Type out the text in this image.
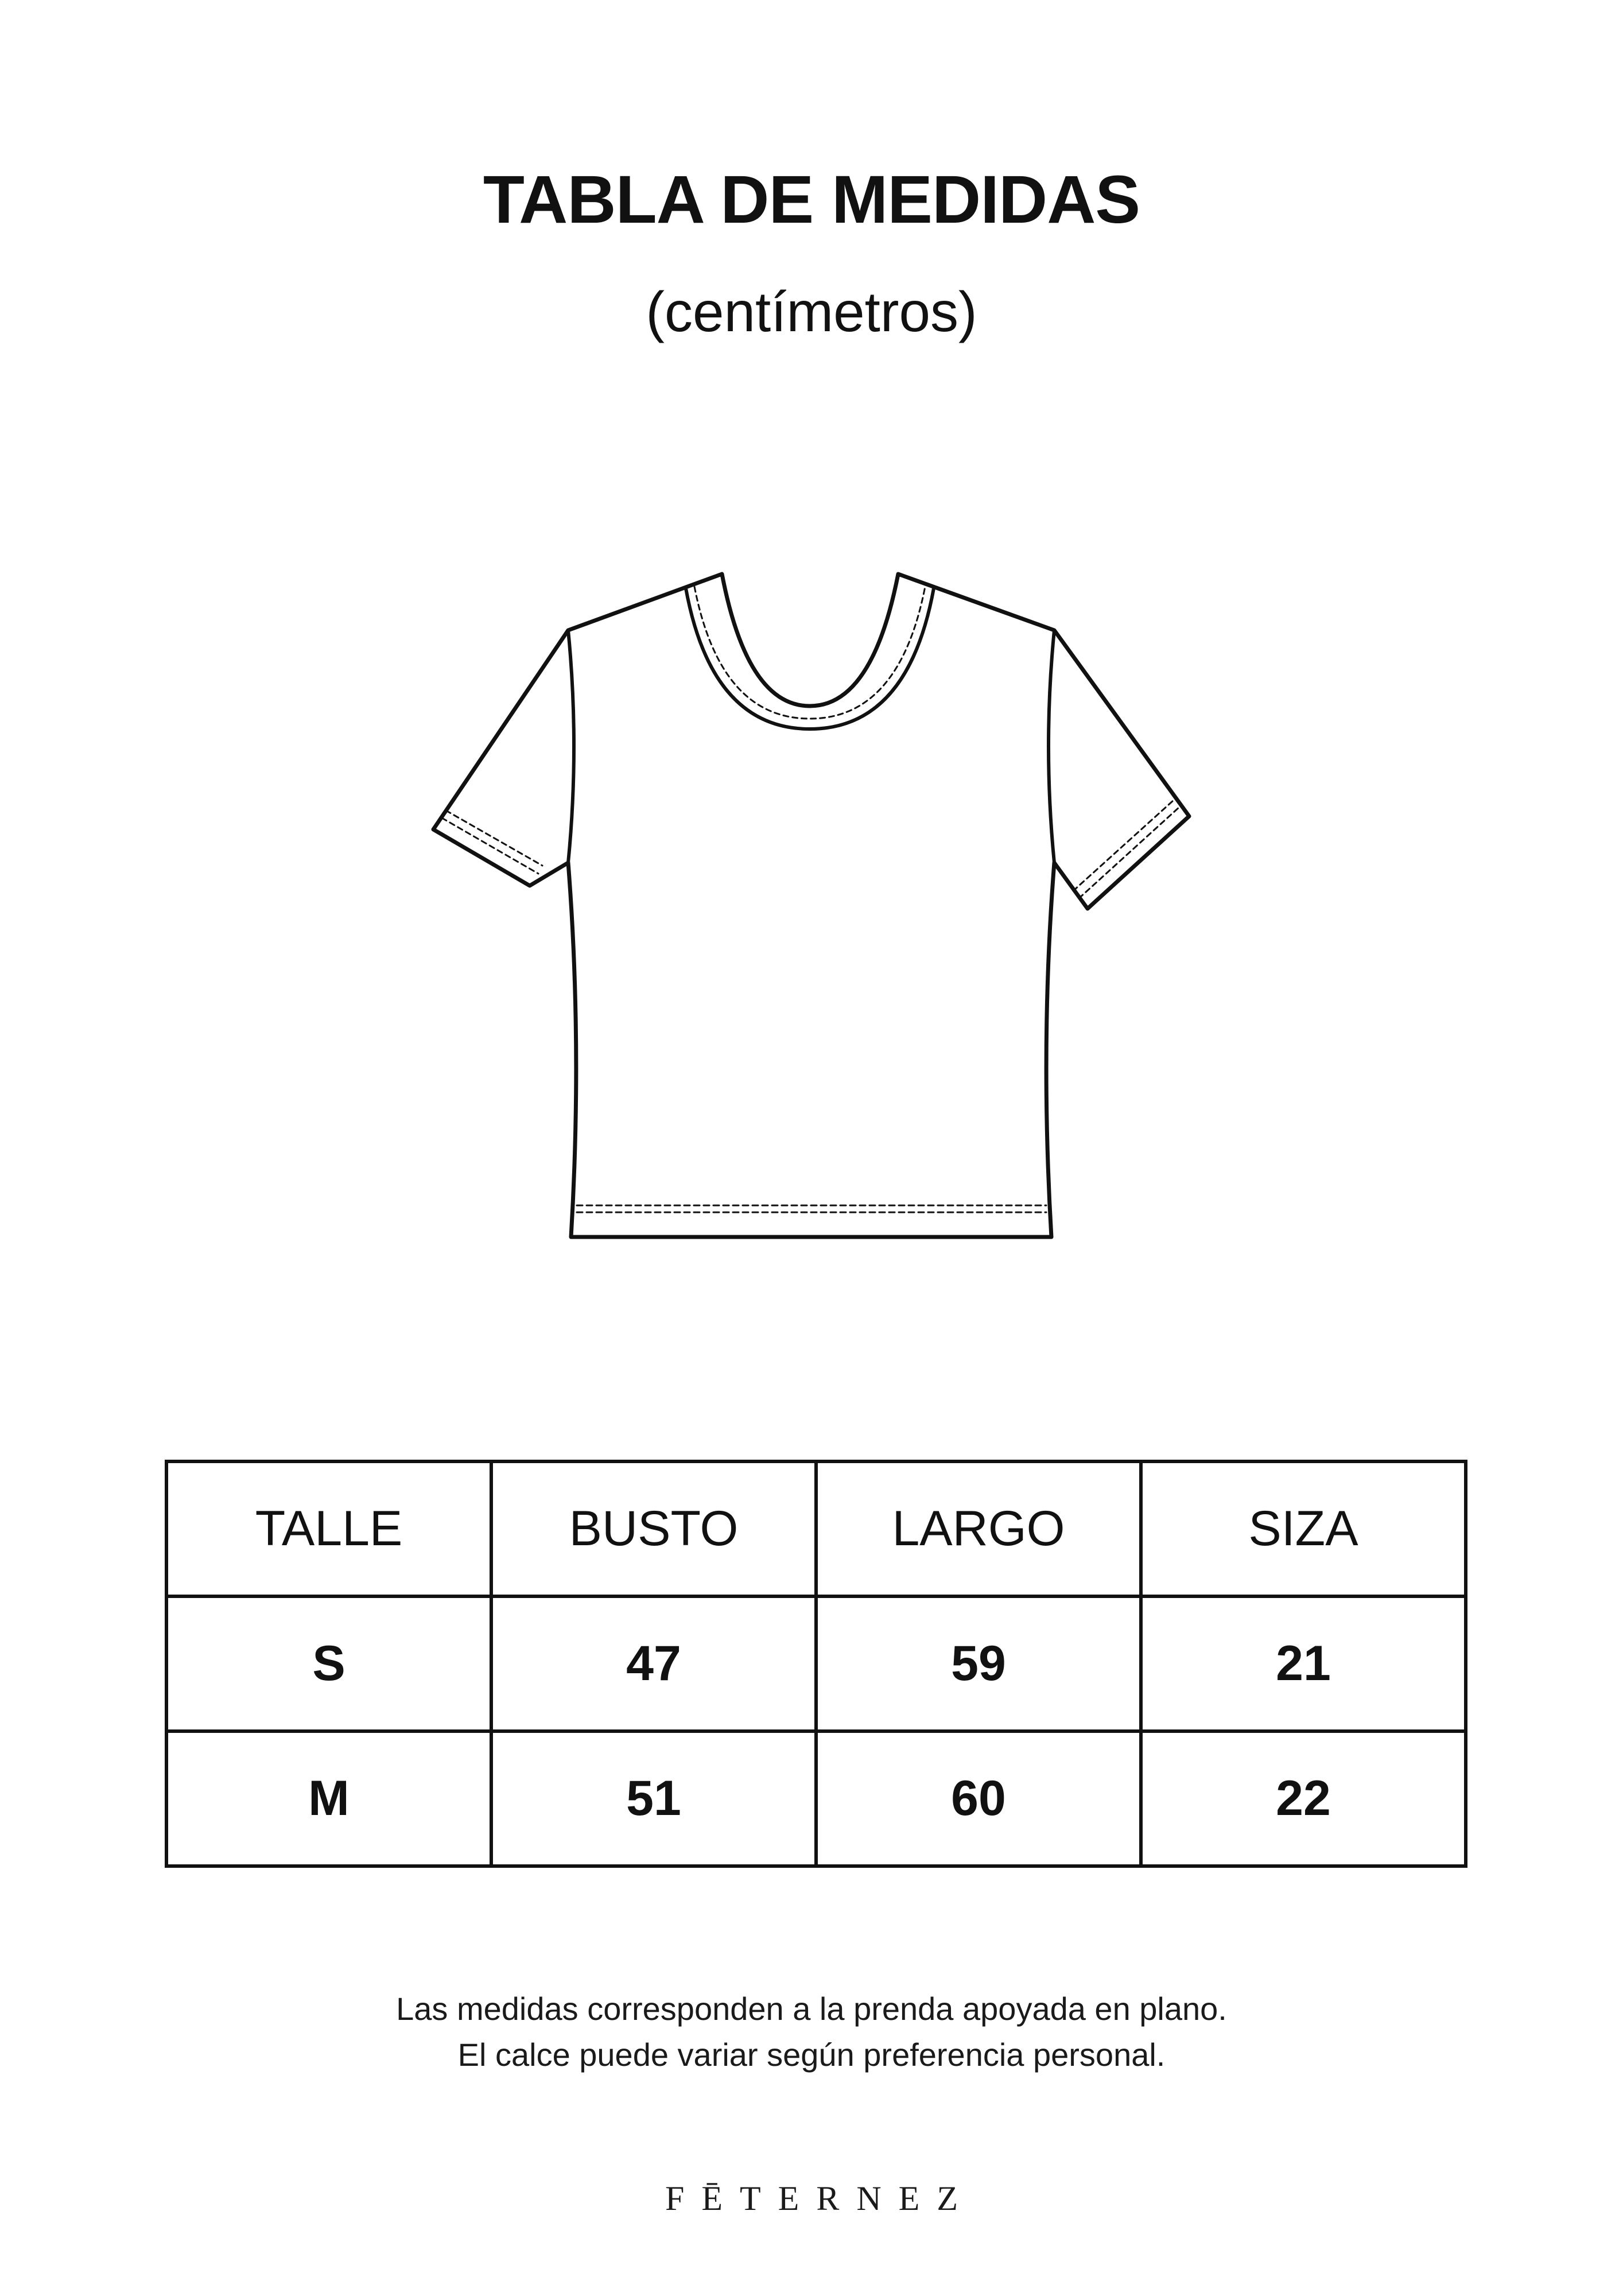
TABLA DE MEDIDAS
(centímetros)
TALLE	BUSTO	LARGO	SIZA
S	47	59	21
M	51	60	22
Las medidas corresponden a la prenda apoyada en plano.
El calce puede variar según preferencia personal.
FĒTERNEZ
